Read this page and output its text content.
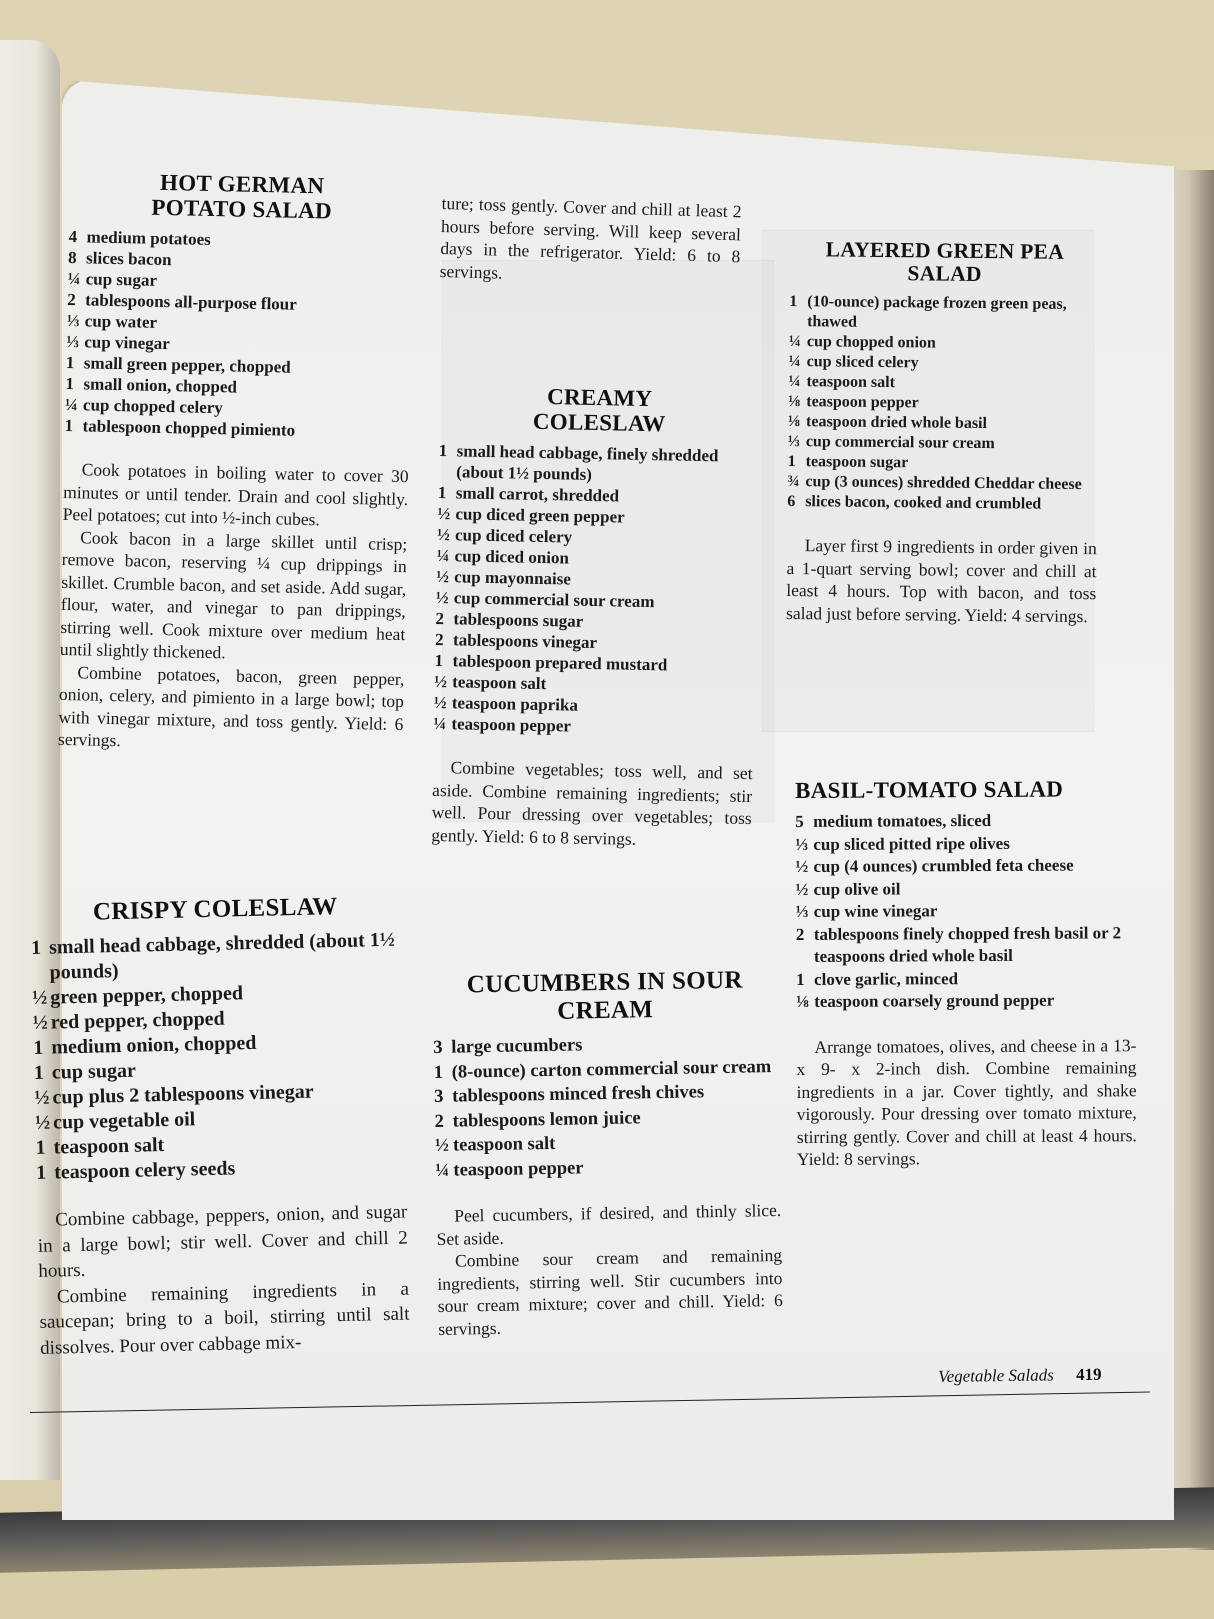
HOT GERMAN
POTATO SALAD
4 medium potatoes
8 slices bacon
¼ cup sugar
2 tablespoons all-purpose flour
⅓ cup water
⅓ cup vinegar
1 small green pepper, chopped
1 small onion, chopped
¼ cup chopped celery
1 tablespoon chopped pimiento

Cook potatoes in boiling water to cover 30 minutes or until tender. Drain and cool slightly. Peel potatoes; cut into ½-inch cubes.

Cook bacon in a large skillet until crisp; remove bacon, reserving ¼ cup drippings in skillet. Crumble bacon, and set aside. Add sugar, flour, water, and vinegar to pan drippings, stirring well. Cook mixture over medium heat until slightly thickened.

Combine potatoes, bacon, green pepper, onion, celery, and pimiento in a large bowl; top with vinegar mixture, and toss gently. Yield: 6 servings.

CRISPY COLESLAW
1 small head cabbage, shredded (about 1½ pounds)
½ green pepper, chopped
½ red pepper, chopped
1 medium onion, chopped
1 cup sugar
½ cup plus 2 tablespoons vinegar
½ cup vegetable oil
1 teaspoon salt
1 teaspoon celery seeds

Combine cabbage, peppers, onion, and sugar in a large bowl; stir well. Cover and chill 2 hours.

Combine remaining ingredients in a saucepan; bring to a boil, stirring until salt dissolves. Pour over cabbage mix-

ture; toss gently. Cover and chill at least 2 hours before serving. Will keep several days in the refrigerator. Yield: 6 to 8 servings.

CREAMY
COLESLAW
1 small head cabbage, finely shredded (about 1½ pounds)
1 small carrot, shredded
½ cup diced green pepper
½ cup diced celery
¼ cup diced onion
½ cup mayonnaise
½ cup commercial sour cream
2 tablespoons sugar
2 tablespoons vinegar
1 tablespoon prepared mustard
½ teaspoon salt
½ teaspoon paprika
¼ teaspoon pepper

Combine vegetables; toss well, and set aside. Combine remaining ingredients; stir well. Pour dressing over vegetables; toss gently. Yield: 6 to 8 servings.

CUCUMBERS IN SOUR
CREAM
3 large cucumbers
1 (8-ounce) carton commercial sour cream
3 tablespoons minced fresh chives
2 tablespoons lemon juice
½ teaspoon salt
¼ teaspoon pepper

Peel cucumbers, if desired, and thinly slice. Set aside.

Combine sour cream and remaining ingredients, stirring well. Stir cucumbers into sour cream mixture; cover and chill. Yield: 6 servings.

LAYERED GREEN PEA
SALAD
1 (10-ounce) package frozen green peas, thawed
¼ cup chopped onion
¼ cup sliced celery
¼ teaspoon salt
⅛ teaspoon pepper
⅛ teaspoon dried whole basil
⅓ cup commercial sour cream
1 teaspoon sugar
¾ cup (3 ounces) shredded Cheddar cheese
6 slices bacon, cooked and crumbled

Layer first 9 ingredients in order given in a 1-quart serving bowl; cover and chill at least 4 hours. Top with bacon, and toss salad just before serving. Yield: 4 servings.

BASIL-TOMATO SALAD
5 medium tomatoes, sliced
⅓ cup sliced pitted ripe olives
½ cup (4 ounces) crumbled feta cheese
½ cup olive oil
⅓ cup wine vinegar
2 tablespoons finely chopped fresh basil or 2 teaspoons dried whole basil
1 clove garlic, minced
⅛ teaspoon coarsely ground pepper

Arrange tomatoes, olives, and cheese in a 13- x 9- x 2-inch dish. Combine remaining ingredients in a jar. Cover tightly, and shake vigorously. Pour dressing over tomato mixture, stirring gently. Cover and chill at least 4 hours. Yield: 8 servings.

Vegetable Salads 419
